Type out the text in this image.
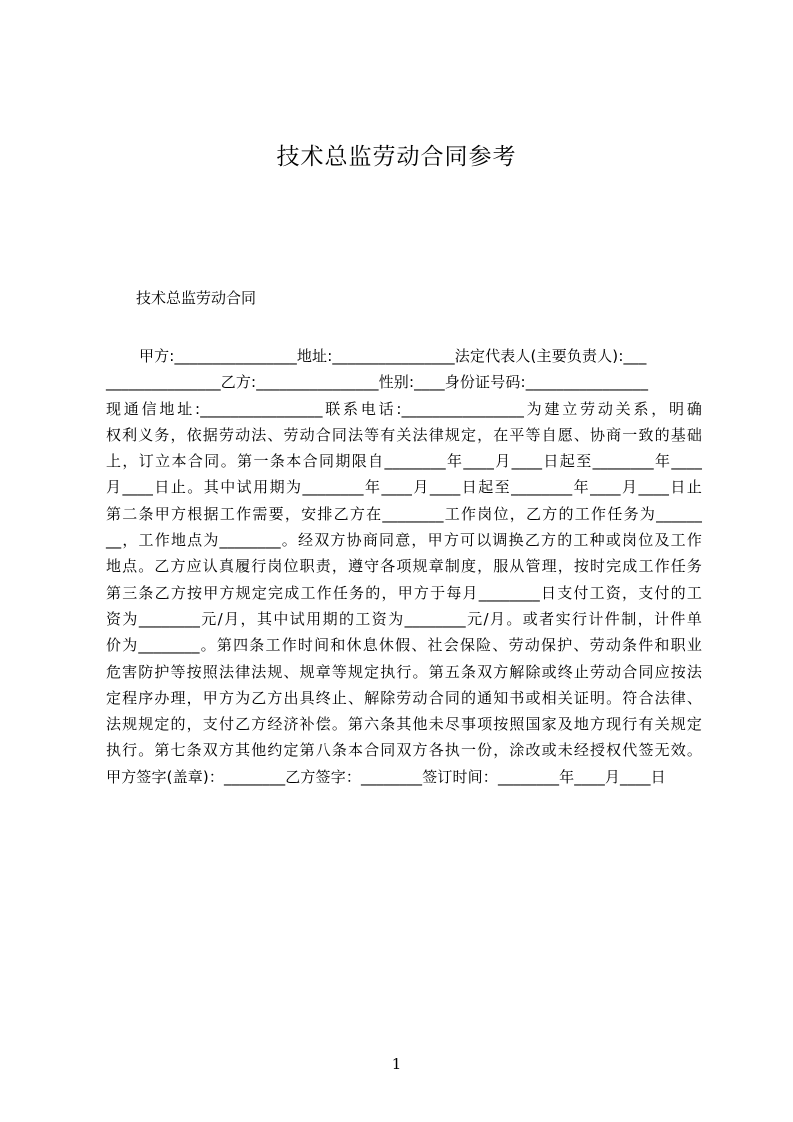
技术总监劳动合同参考
技术总监劳动合同
甲方:________________地址:________________法定代表人(主要负责人):___
_______________乙方:________________性别:____身份证号码:________________
现通信地址:________________联系电话:________________为建立劳动关系，明确
权利义务，依据劳动法、劳动合同法等有关法律规定，在平等自愿、协商一致的基础
上，订立本合同。第一条本合同期限自________年____月____日起至________年____
月____日止。其中试用期为________年____月____日起至________年____月____日止
第二条甲方根据工作需要，安排乙方在________工作岗位，乙方的工作任务为______
__，工作地点为________。经双方协商同意，甲方可以调换乙方的工种或岗位及工作
地点。乙方应认真履行岗位职责，遵守各项规章制度，服从管理，按时完成工作任务
第三条乙方按甲方规定完成工作任务的，甲方于每月________日支付工资，支付的工
资为________元/月，其中试用期的工资为________元/月。或者实行计件制，计件单
价为________。第四条工作时间和休息休假、社会保险、劳动保护、劳动条件和职业
危害防护等按照法律法规、规章等规定执行。第五条双方解除或终止劳动合同应按法
定程序办理，甲方为乙方出具终止、解除劳动合同的通知书或相关证明。符合法律、
法规规定的，支付乙方经济补偿。第六条其他未尽事项按照国家及地方现行有关规定
执行。第七条双方其他约定第八条本合同双方各执一份，涂改或未经授权代签无效。
甲方签字(盖章)：________乙方签字：________签订时间：________年____月____日
1
